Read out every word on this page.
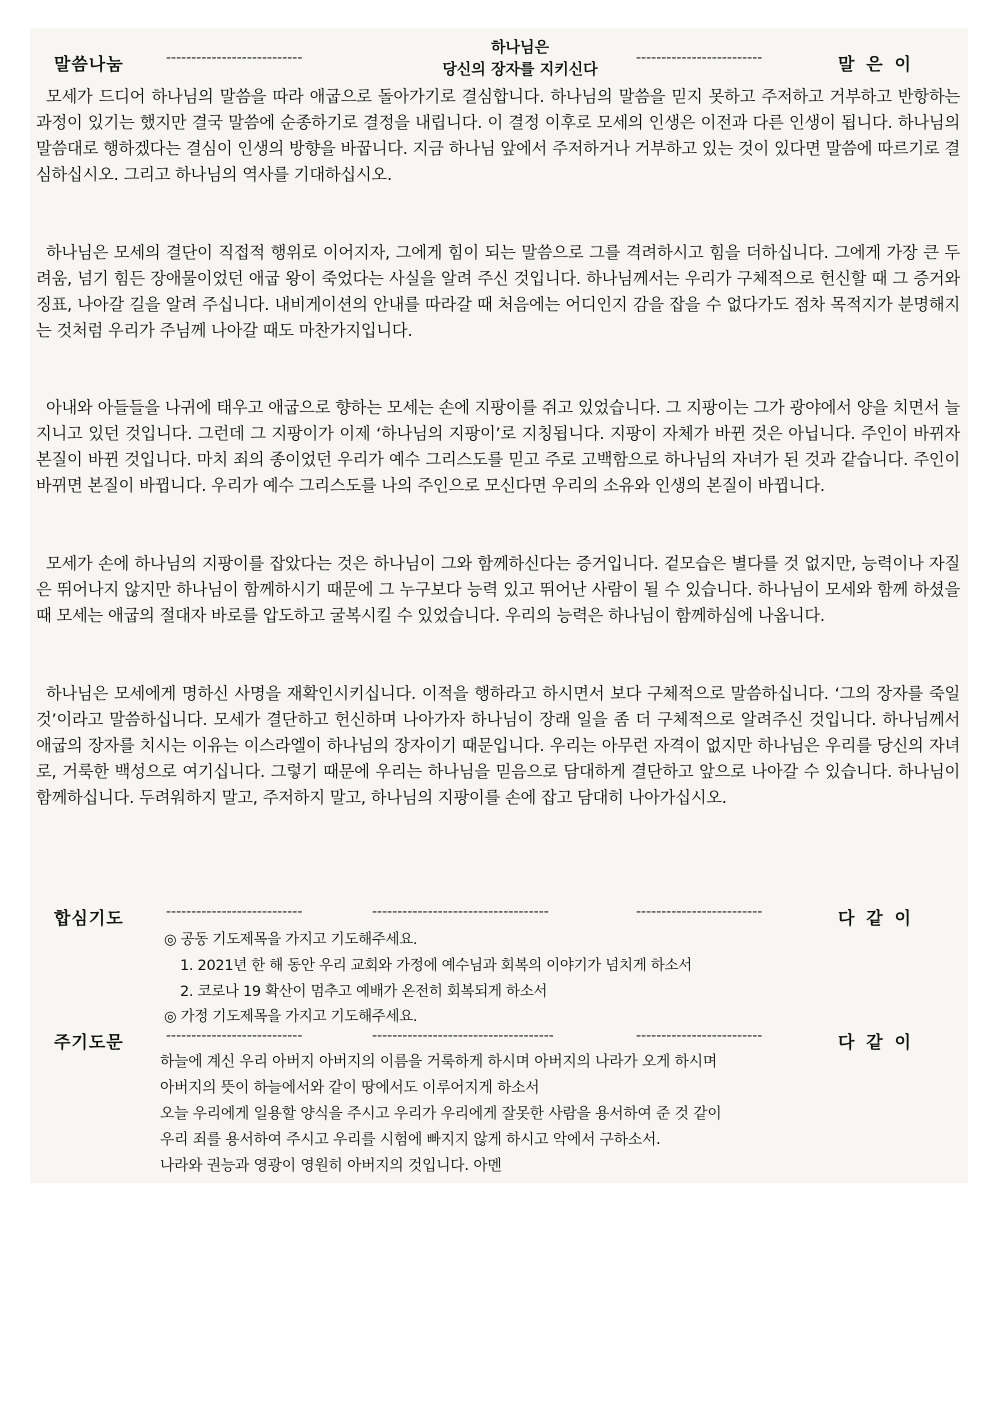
말씀나눔	---------------------------
하나님은
당신의 장자를 지키신다
-------------------------	말  은  이

모세가 드디어 하나님의 말씀을 따라 애굽으로 돌아가기로 결심합니다. 하나님의 말씀을 믿지 못하고 주저하고 거부하고 반항하는 과정이 있기는 했지만 결국 말씀에 순종하기로 결정을 내립니다. 이 결정 이후로 모세의 인생은 이전과 다른 인생이 됩니다. 하나님의 말씀대로 행하겠다는 결심이 인생의 방향을 바꿉니다. 지금 하나님 앞에서 주저하거나 거부하고 있는 것이 있다면 말씀에 따르기로 결심하십시오. 그리고 하나님의 역사를 기대하십시오.

하나님은 모세의 결단이 직접적 행위로 이어지자, 그에게 힘이 되는 말씀으로 그를 격려하시고 힘을 더하십니다. 그에게 가장 큰 두려움, 넘기 힘든 장애물이었던 애굽 왕이 죽었다는 사실을 알려 주신 것입니다. 하나님께서는 우리가 구체적으로 헌신할 때 그 증거와 징표, 나아갈 길을 알려 주십니다. 내비게이션의 안내를 따라갈 때 처음에는 어디인지 감을 잡을 수 없다가도 점차 목적지가 분명해지는 것처럼 우리가 주님께 나아갈 때도 마찬가지입니다.

아내와 아들들을 나귀에 태우고 애굽으로 향하는 모세는 손에 지팡이를 쥐고 있었습니다. 그 지팡이는 그가 광야에서 양을 치면서 늘 지니고 있던 것입니다. 그런데 그 지팡이가 이제 ‘하나님의 지팡이’로 지칭됩니다. 지팡이 자체가 바뀐 것은 아닙니다. 주인이 바뀌자 본질이 바뀐 것입니다. 마치 죄의 종이었던 우리가 예수 그리스도를 믿고 주로 고백함으로 하나님의 자녀가 된 것과 같습니다. 주인이 바뀌면 본질이 바뀝니다. 우리가 예수 그리스도를 나의 주인으로 모신다면 우리의 소유와 인생의 본질이 바뀝니다.

모세가 손에 하나님의 지팡이를 잡았다는 것은 하나님이 그와 함께하신다는 증거입니다. 겉모습은 별다를 것 없지만, 능력이나 자질은 뛰어나지 않지만 하나님이 함께하시기 때문에 그 누구보다 능력 있고 뛰어난 사람이 될 수 있습니다. 하나님이 모세와 함께 하셨을 때 모세는 애굽의 절대자 바로를 압도하고 굴복시킬 수 있었습니다. 우리의 능력은 하나님이 함께하심에 나옵니다.

하나님은 모세에게 명하신 사명을 재확인시키십니다. 이적을 행하라고 하시면서 보다 구체적으로 말씀하십니다. ‘그의 장자를 죽일 것’이라고 말씀하십니다. 모세가 결단하고 헌신하며 나아가자 하나님이 장래 일을 좀 더 구체적으로 알려주신 것입니다. 하나님께서 애굽의 장자를 치시는 이유는 이스라엘이 하나님의 장자이기 때문입니다. 우리는 아무런 자격이 없지만 하나님은 우리를 당신의 자녀로, 거룩한 백성으로 여기십니다. 그렇기 때문에 우리는 하나님을 믿음으로 담대하게 결단하고 앞으로 나아갈 수 있습니다. 하나님이 함께하십니다. 두려워하지 말고, 주저하지 말고, 하나님의 지팡이를 손에 잡고 담대히 나아가십시오.

합심기도	---------------------------	-----------------------------------	-------------------------	다  같  이
◎ 공동 기도제목을 가지고 기도해주세요.
1. 2021년 한 해 동안 우리 교회와 가정에 예수님과 회복의 이야기가 넘치게 하소서
2. 코로나 19 확산이 멈추고 예배가 온전히 회복되게 하소서
◎ 가정 기도제목을 가지고 기도해주세요.
주기도문	---------------------------	------------------------------------	-------------------------	다  같  이
하늘에 계신 우리 아버지 아버지의 이름을 거룩하게 하시며 아버지의 나라가 오게 하시며
아버지의 뜻이 하늘에서와 같이 땅에서도 이루어지게 하소서
오늘 우리에게 일용할 양식을 주시고 우리가 우리에게 잘못한 사람을 용서하여 준 것 같이
우리 죄를 용서하여 주시고 우리를 시험에 빠지지 않게 하시고 악에서 구하소서.
나라와 권능과 영광이 영원히 아버지의 것입니다. 아멘
